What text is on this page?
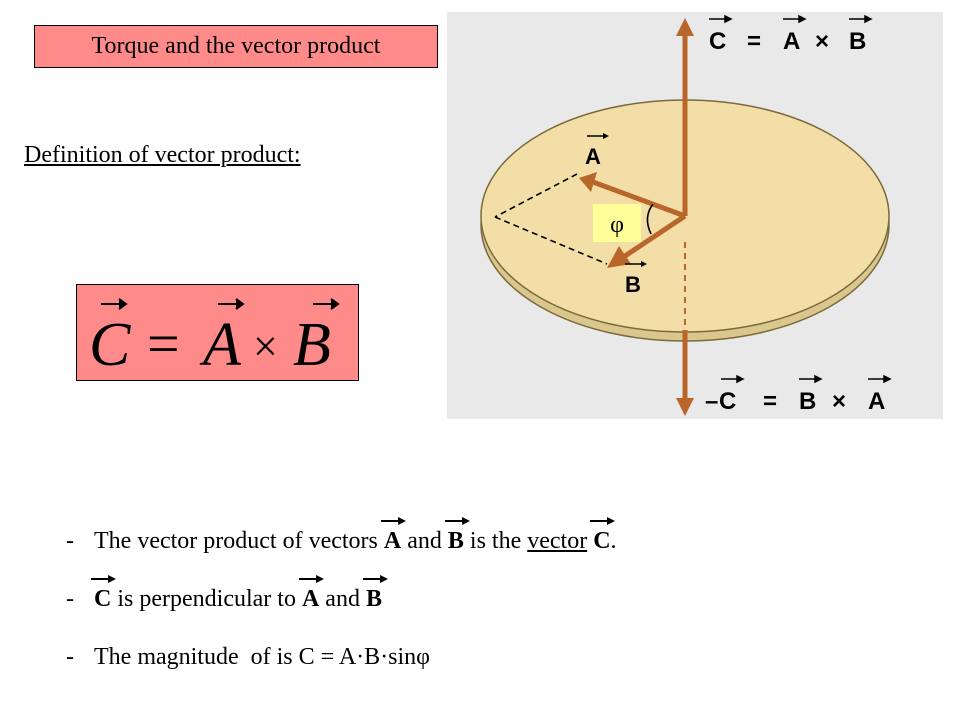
Torque and the vector product
Definition of vector product:
C = A × B
φ
A
B
C = A × B
– C = B × A
- The vector product of vectors A and B is the vector
C .
- C is perpendicular to A and B
- The magnitude  of is C = A·B·sin φ
